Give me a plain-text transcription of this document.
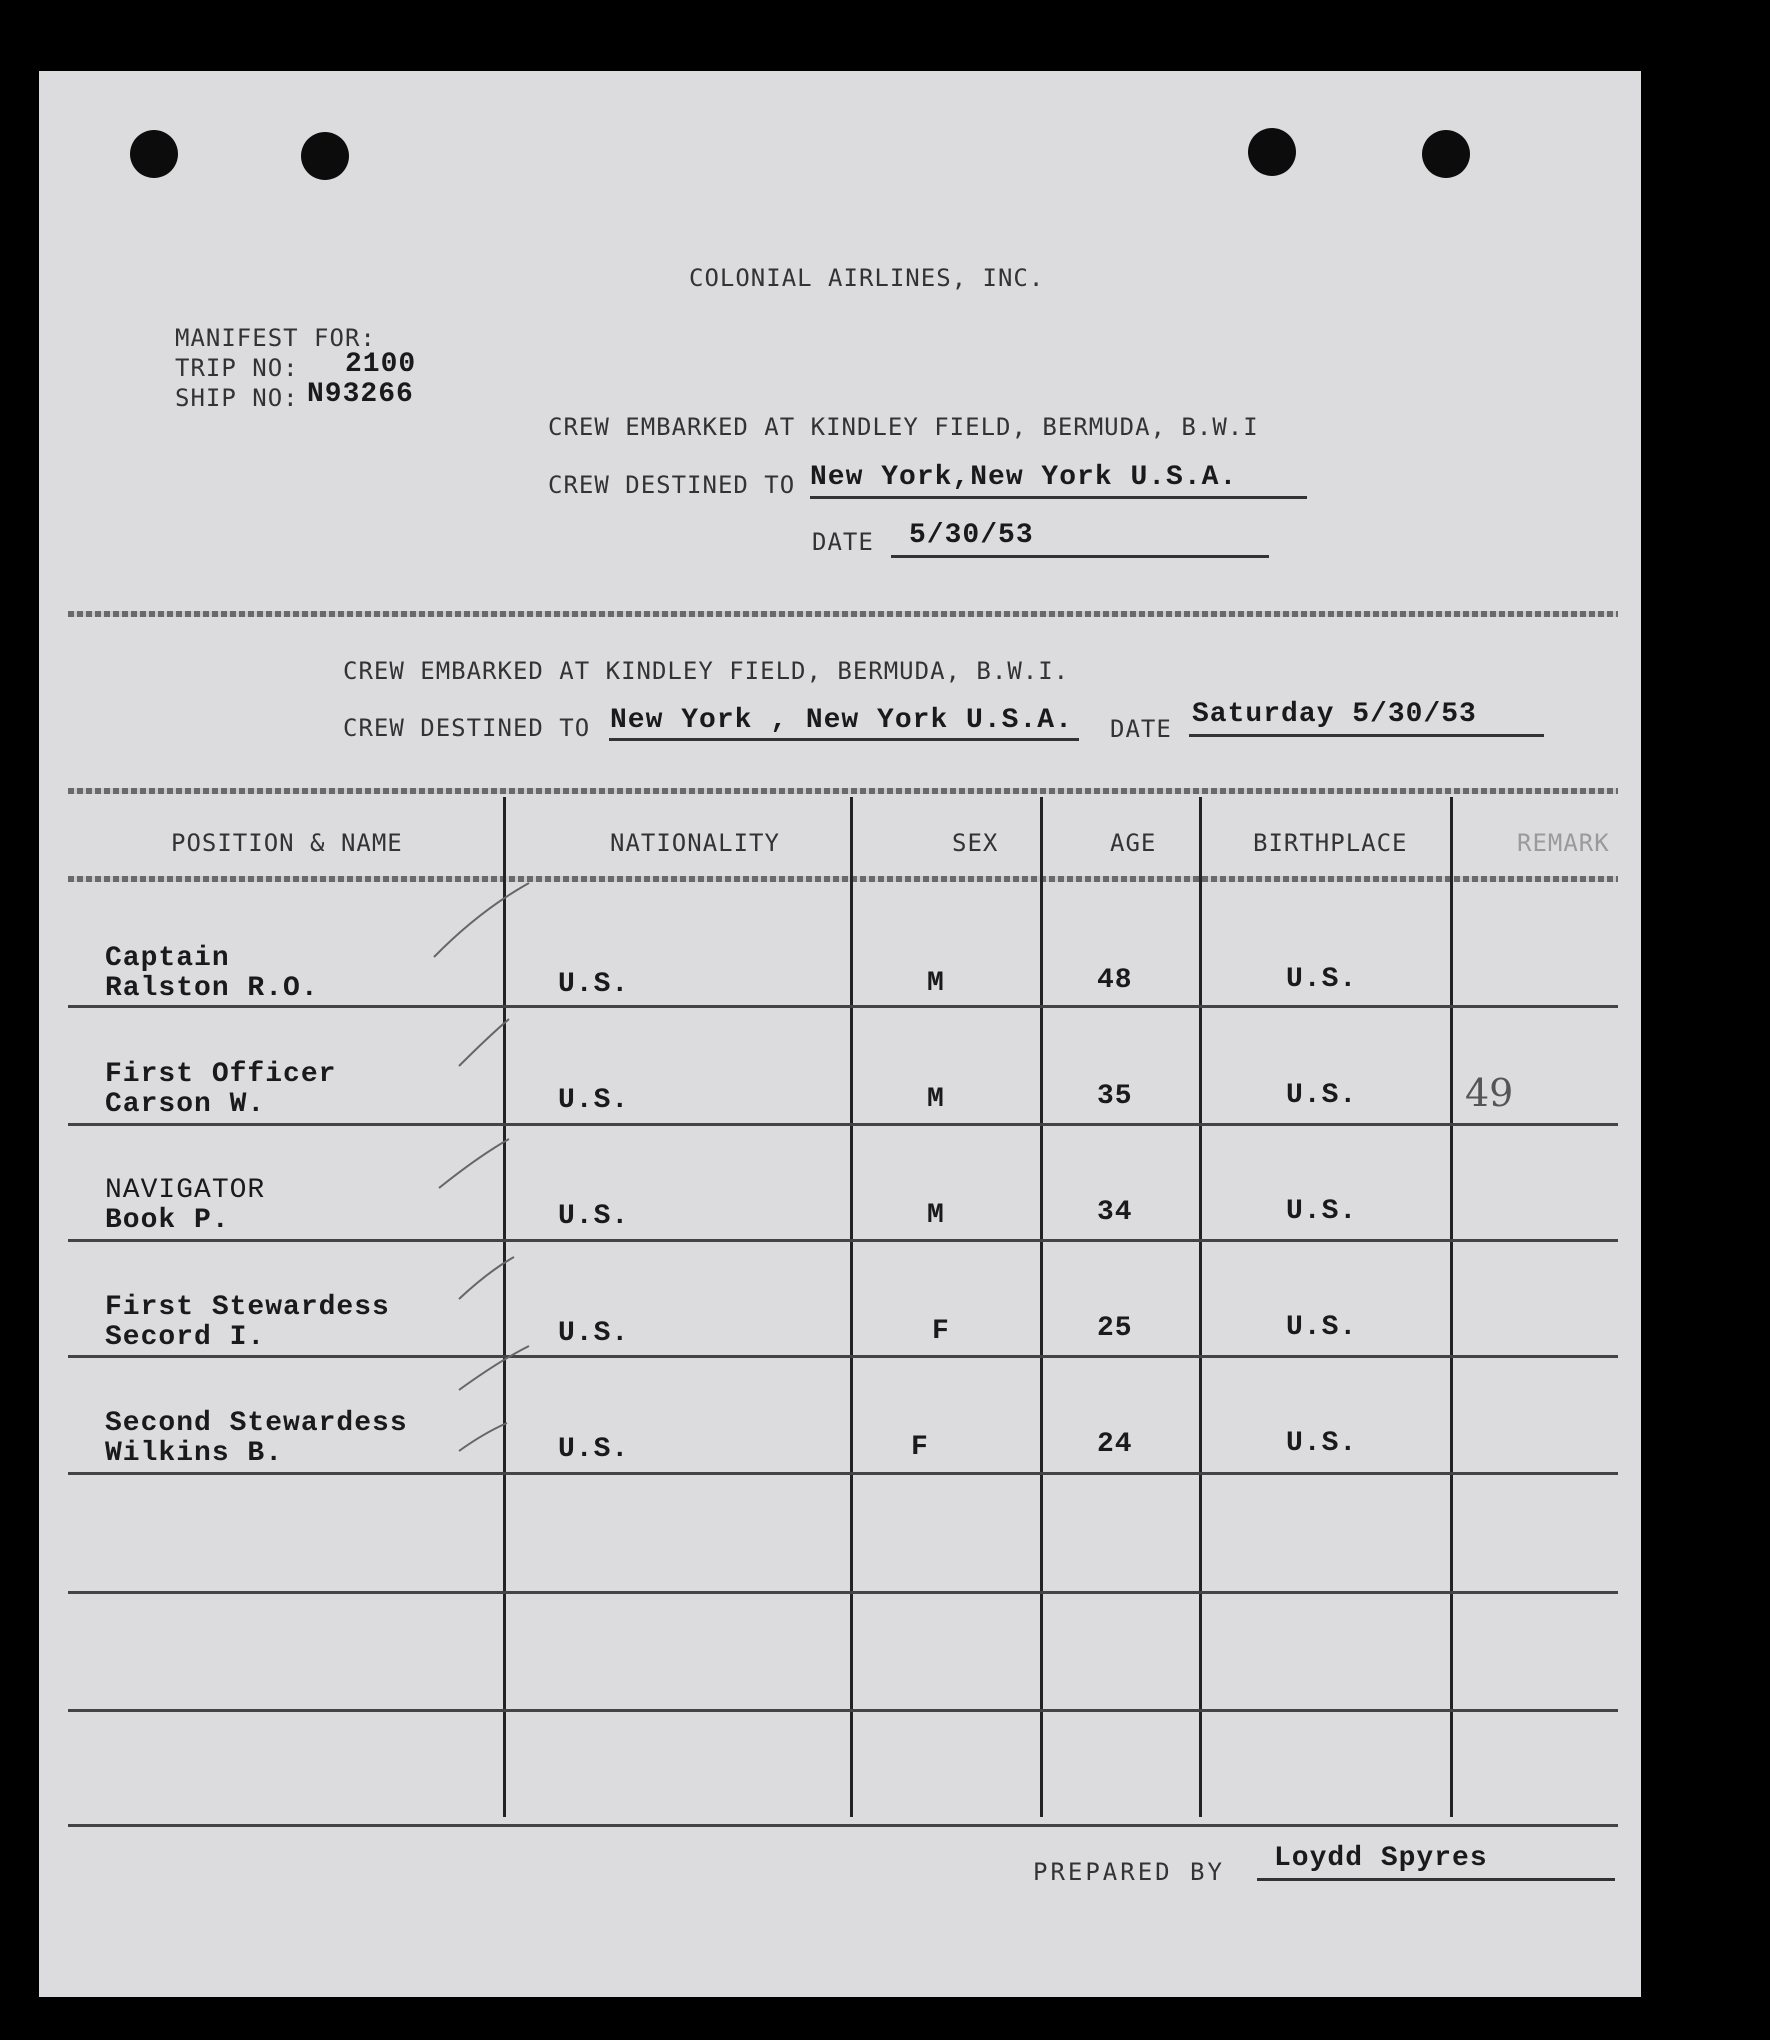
COLONIAL AIRLINES, INC.
MANIFEST FOR:
TRIP NO: 2100
SHIP NO: N93266
CREW EMBARKED AT KINDLEY FIELD, BERMUDA, B.W.I
CREW DESTINED TO New York,New York U.S.A.
DATE 5/30/53
CREW EMBARKED AT KINDLEY FIELD, BERMUDA, B.W.I.
CREW DESTINED TO New York , New York U.S.A. DATE Saturday 5/30/53
POSITION & NAME	NATIONALITY	SEX	AGE	BIRTHPLACE	REMARK
Captain
Ralston R.O.	U.S.	M	48	U.S.
First Officer
Carson W.	U.S.	M	35	U.S.	49
NAVIGATOR
Book P.	U.S.	M	34	U.S.
First Stewardess
Secord I.	U.S.	F	25	U.S.
Second Stewardess
Wilkins B.	U.S.	F	24	U.S.
PREPARED BY Loydd Spyres
